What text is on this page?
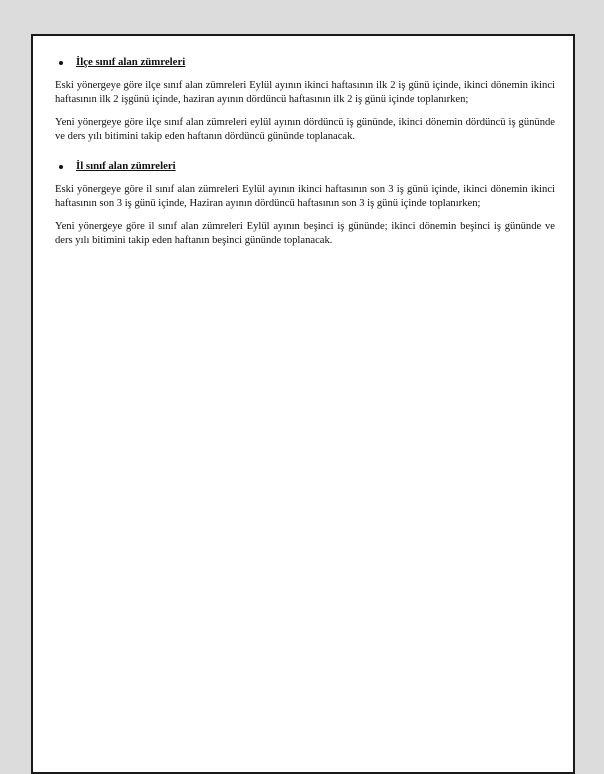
İlçe sınıf alan zümreleri

Eski yönergeye göre ilçe sınıf alan zümreleri Eylül ayının ikinci haftasının ilk 2 iş günü içinde, ikinci dönemin ikinci haftasının ilk 2 işgünü içinde, haziran ayının dördüncü haftasının ilk 2 iş günü içinde toplanırken;

Yeni yönergeye göre ilçe sınıf alan zümreleri eylül ayının dördüncü iş gününde, ikinci dönemin dördüncü iş gününde ve ders yılı bitimini takip eden haftanın dördüncü gününde toplanacak.

İl sınıf alan zümreleri

Eski yönergeye göre il sınıf alan zümreleri Eylül ayının ikinci haftasının son 3 iş günü içinde, ikinci dönemin ikinci haftasının son 3 iş günü içinde, Haziran ayının dördüncü haftasının son 3 iş günü içinde toplanırken;

Yeni yönergeye göre il sınıf alan zümreleri Eylül ayının beşinci iş gününde; ikinci dönemin beşinci iş gününde ve ders yılı bitimini takip eden haftanın beşinci gününde toplanacak.
